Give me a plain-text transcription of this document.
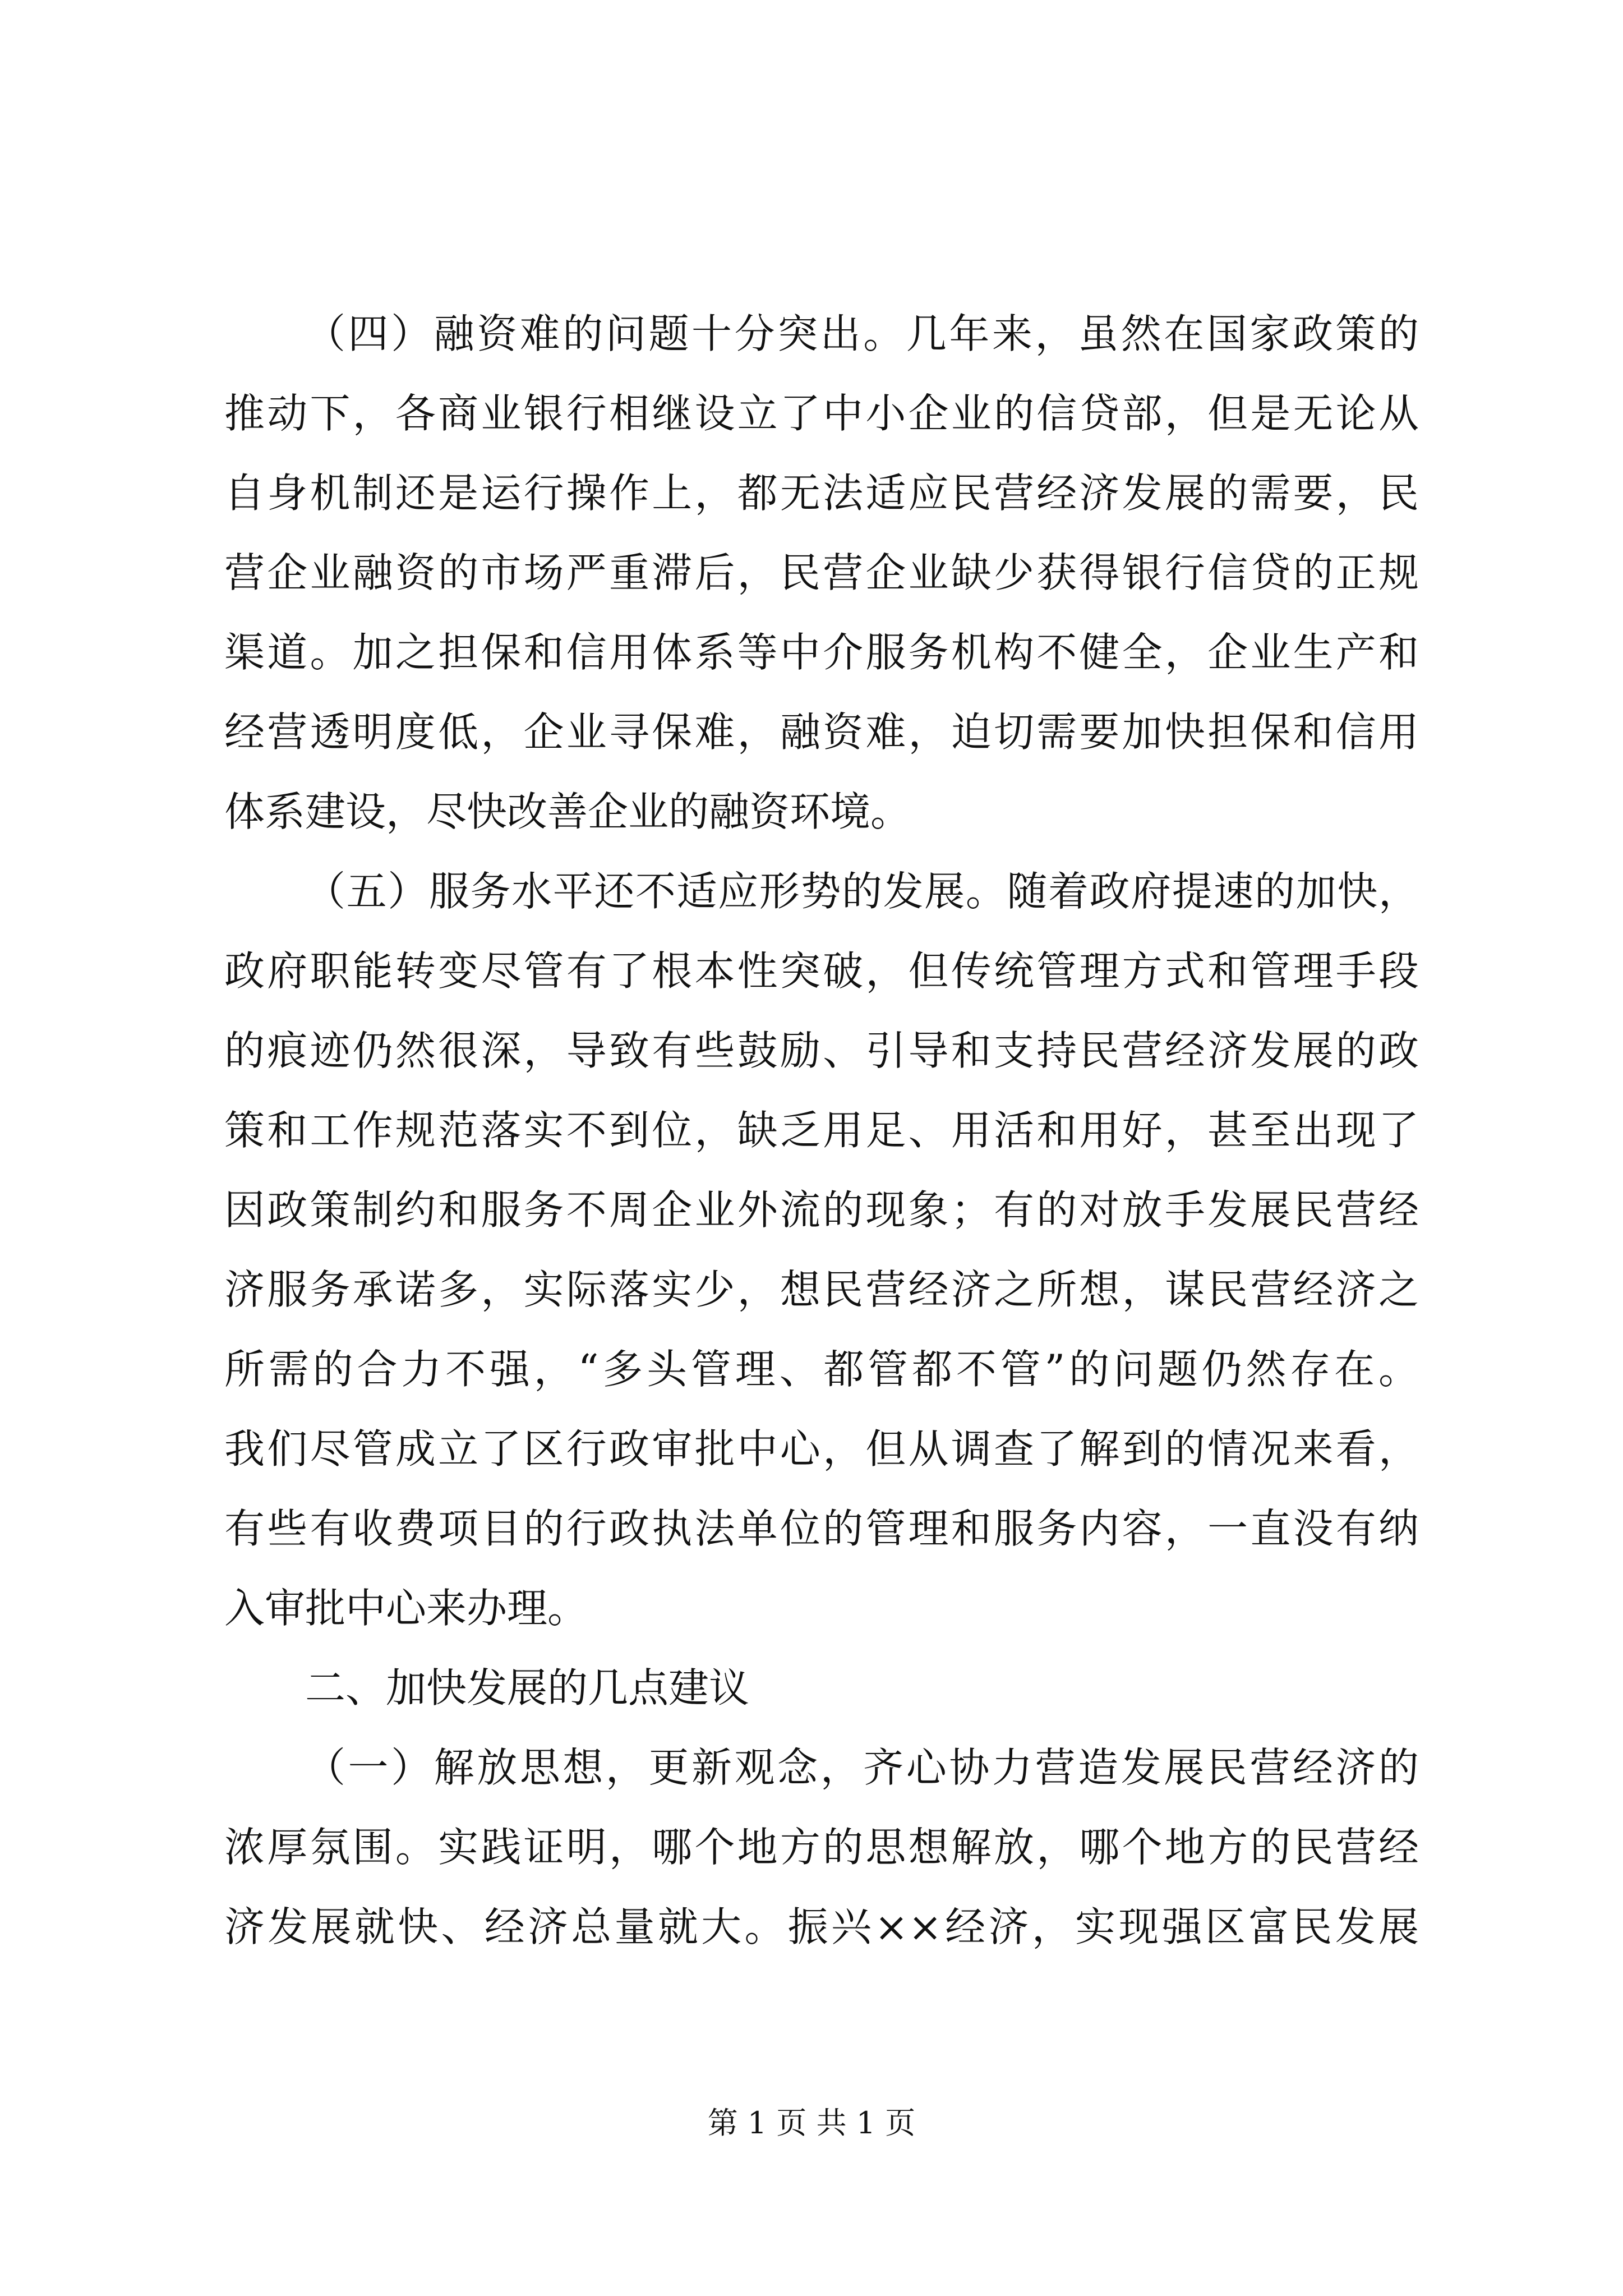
（四）融资难的问题十分突出。几年来，虽然在国家政策的
推动下，各商业银行相继设立了中小企业的信贷部，但是无论从
自身机制还是运行操作上，都无法适应民营经济发展的需要，民
营企业融资的市场严重滞后，民营企业缺少获得银行信贷的正规
渠道。加之担保和信用体系等中介服务机构不健全，企业生产和
经营透明度低，企业寻保难，融资难，迫切需要加快担保和信用
体系建设，尽快改善企业的融资环境。
（五）服务水平还不适应形势的发展。随着政府提速的加快，
政府职能转变尽管有了根本性突破，但传统管理方式和管理手段
的痕迹仍然很深，导致有些鼓励、引导和支持民营经济发展的政
策和工作规范落实不到位，缺乏用足、用活和用好，甚至出现了
因政策制约和服务不周企业外流的现象；有的对放手发展民营经
济服务承诺多，实际落实少，想民营经济之所想，谋民营经济之
所需的合力不强，“多头管理、都管都不管”的问题仍然存在。
我们尽管成立了区行政审批中心，但从调查了解到的情况来看，
有些有收费项目的行政执法单位的管理和服务内容，一直没有纳
入审批中心来办理。
二、加快发展的几点建议
（一）解放思想，更新观念，齐心协力营造发展民营经济的
浓厚氛围。实践证明，哪个地方的思想解放，哪个地方的民营经
济发展就快、经济总量就大。振兴××经济，实现强区富民发展
第 1 页 共 1 页
